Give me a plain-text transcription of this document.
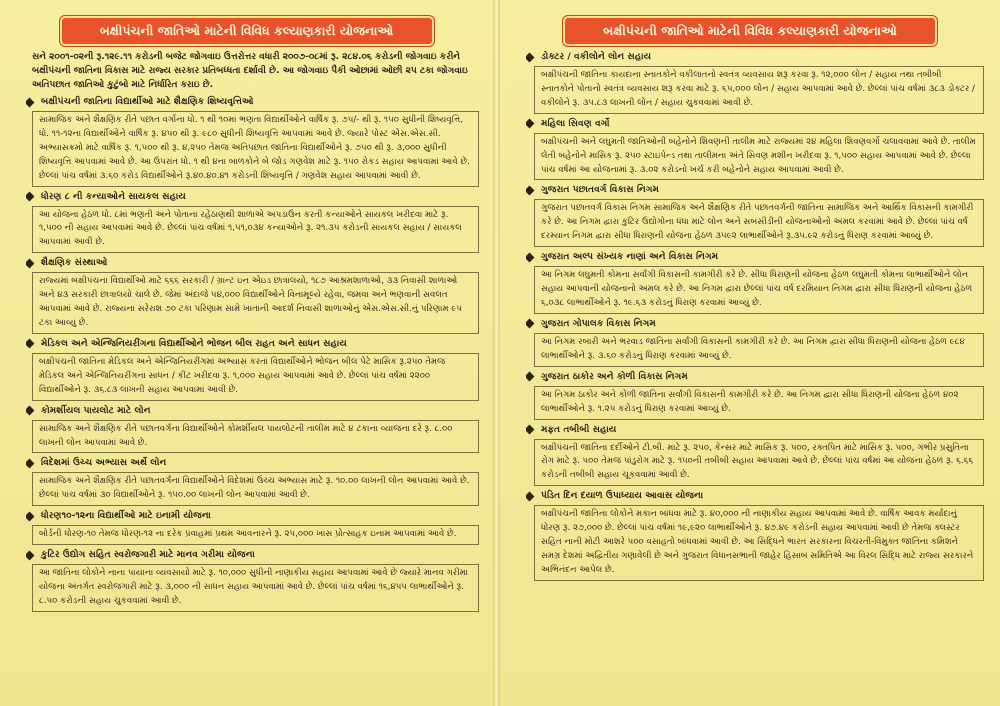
બક્ષીપંચની જાતિઓ માટેની વિવિધ કલ્યાણકારી યોજનાઓ
સને ૨૦૦૧-૦૨ની રૂ.૧૨૯.૧૧ કરોડની બજેટ જોગવાઇ ઉત્તરોત્તર વધારી ૨૦૦૭-૦૮માં રૂ. ૨૮૪.૦૬ કરોડની જોગવાઇ કરીને બક્ષીપંચની જાતિના વિકાસ માટે રાજ્ય સરકાર પ્રતિબધ્ધતા દર્શાવી છે. આ જોગવાઇ પૈકી ઓછામાં ઓછી ૨૫ ટકા જોગવાઇ અતિપછાત જાતિઓ કુટુંબો માટે નિર્ધારિત કરાઇ છે.
બક્ષીપંચની જાતિના વિદ્યાર્થીઓ માટે શૈક્ષણિક શિષ્યવૃત્તિઓ
સામાજિક અને શૈક્ષણિક રીતે પછાત વર્ગોના ધો. ૧ થી ૧૦માં ભણતા વિદ્યાર્થીઓને વાર્ષિક રૂ. ૭૫/- થી રૂ. ૧૫૦ સુધીની શિષ્યવૃત્તિ, ધો. ૧૧-૧૨ના વિદ્યાર્થીઓને વાર્ષિક રૂ. ૪૫૦ થી રૂ. ૯૮૦ સુધીની શિષ્યવૃત્તિ આપવામાં આવે છે. જ્યારે પોસ્ટ એસ.એસ.સી. અભ્યાસક્રમો માટે વાર્ષિક રૂ. ૧,૫૦૦ થી રૂ. ૪,૨૫૦ તેમજ અતિપછાત જાતિના વિદ્યાર્થીઓને રૂ. ૭૫૦ થી રૂ. ૩,૦૦૦ સુધીની શિષ્યવૃત્તિ આપવામાં આવે છે. આ ઉપરાંત ધો. ૧ થી ૪ના બાળકોને બે જોડ ગણવેશ માટે રૂ. ૧૫૦ રોકડ સહાય આપવામાં આવે છે. છેલ્લાં પાંચ વર્ષમાં ૩.૬૦ કરોડ વિદ્યાર્થીઓને રૂ.૪૦.૪૦.૪૧ કરોડની શિષ્યવૃત્તિ / ગણવેશ સહાય આપવામાં આવી છે.
ધોરણ ૮ ની કન્યાઓને સાયકલ સહાય
આ યોજના હેઠળ ધો. ૮માં ભણતી અને પોતાના રહેઠાણથી શાળાએ અપડાઉન કરતી કન્યાઓને સાયકલ ખરીદવા માટે રૂ. ૧,૫૦૦ ની સહાય આપવામાં આવે છે. છેલ્લાં પાંચ વર્ષમાં ૧,૫૧,૦૩૪ કન્યાઓને રૂ. ૨૧.૩૫ કરોડની સાયકલ સહાય / સાયકલ આપવામાં આવી છે.
શૈક્ષણિક સંસ્થાઓ
રાજ્યમાં બક્ષીપંચના વિદ્યાર્થીઓ માટે ૬૬૬ સરકારી / ગ્રાન્ટ ઇન એઇડ છાત્રાલયો, ૧૮૭ આશ્રમશાળાઓ, ૩૩ નિવાસી શાળાઓ અને ૪૩ સરકારી છાત્રાલયો ચાલે છે. જેમાં અંદાજે ૫૪,૦૦૦ વિદ્યાર્થીઓને વિનામૂલ્યે રહેવા, જમવા અને ભણવાની સવલત આપવામાં આવે છે. રાજ્યના સરેરાશ ૭૦ ટકા પરિણામ સામે ખાતાની આદર્શ નિવાસી શાળાઓનું એસ.એસ.સી.નું પરિણામ ૯૫ ટકા આવ્યું છે.
મેડિકલ અને એન્જિનિયરીંગના વિદ્યાર્થીઓને ભોજન બીલ રાહત અને સાધન સહાય
બક્ષીપંચની જાતિના મેડિકલ અને એન્જિનિયરીંગમાં અભ્યાસ કરતાં વિદ્યાર્થીઓને ભોજન બીલ પેટે માસિક રૂ.૨૫૦ તેમજ મેડિકલ અને એન્જિનિયરીંગના સાધન / કીટ ખરીદવા રૂ. ૧,૦૦૦ સહાય આપવામાં આવે છે. છેલ્લાં પાંચ વર્ષમાં ૨૨૦૦ વિદ્યાર્થીઓને રૂ. ૩૬.૮૩ લાખની સહાય આપવામાં આવી છે.
કોમર્શીયલ પાયલોટ માટે લોન
સામાજિક અને શૈક્ષણિક રીતે પછાતવર્ગના વિદ્યાર્થીઓને કોમર્શીયલ પાયલોટની તાલીમ માટે ૪ ટકાના વ્યાજના દરે રૂ. ૮.૦૦ લાખની લોન આપવામાં આવે છે.
વિદેશમાં ઉચ્ચ અભ્યાસ અર્થે લોન
સામાજિક અને શૈક્ષણિક રીતે પછાતવર્ગના વિદ્યાર્થીઓને વિદેશમાં ઉચ્ચ અભ્યાસ માટે રૂ. ૧૦.૦૦ લાખની લોન આપવામાં આવે છે. છેલ્લાં પાંચ વર્ષમાં ૩૦ વિદ્યાર્થીઓને રૂ. ૧૫૦.૦૦ લાખની લોન આપવામાં આવી છે.
ધોરણ૧૦-૧૨ના વિદ્યાર્થીઓ માટે ઇનામી યોજના
બોર્ડની ધોરણ-૧૦ તેમજ ધોરણ-૧૨ ના દરેક પ્રવાહમાં પ્રથમ આવનારને રૂ. ૨૫,૦૦૦ ખાસ પ્રોત્સાહક ઇનામ આપવામાં આવે છે.
કુટિર ઉદ્યોગ સહિત સ્વરોજગારી માટે માનવ ગરીમા યોજના
આ જાતિના લોકોને નાના પાયાના વ્યવસાયો માટે રૂ. ૧૦,૦૦૦ સુધીની નાણાકીય સહાય આપવામાં આવે છે જ્યારે માનવ ગરીમા યોજના અંતર્ગત સ્વરોજગારી માટે રૂ. ૩,૦૦૦ ની સાધન સહાય આપવામાં આવે છે. છેલ્લાં પાંચ વર્ષમાં ૧૬,૪૫૫ લાભાર્થીઓને રૂ. ૮.૫૦ કરોડની સહાય ચુકવવામાં આવી છે.
બક્ષીપંચની જાતિઓ માટેની વિવિધ કલ્યાણકારી યોજનાઓ
ડોક્ટર / વકીલોને લોન સહાય
બક્ષીપંચની જાતિના કાયદાના સ્નાતકોને વકીલાતનો સ્વતંત્ર વ્યવસાય શરૂ કરવા રૂ. ૧૨,૦૦૦ લોન / સહાય તથા તબીબી સ્નાતકોને પોતાનો સ્વતંત્ર વ્યવસાય શરૂ કરવા માટે રૂ. ૬૫,૦૦૦ લોન / સહાય આપવામાં આવે છે. છેલ્લાં પાંચ વર્ષમાં ૩૮૩ ડોક્ટર / વકીલોને રૂ. ૩૫.૮૩ લાખની લોન / સહાય ચુકવવામાં આવી છે.
મહિલા સિવણ વર્ગો
બક્ષીપંચની અને લઘુમતી જાતિઓની બહેનોને શિવણની તાલીમ માટે રાજ્યમાં ૨૪ મહિલા શિવણવર્ગો ચલાવવામાં આવે છે. તાલીમ લેતી બહેનોને માસિક રૂ. ૨૫૦ સ્ટાઇપેન્ડ તથા તાલીમના અંતે સિવણ મશીન ખરીદવા રૂ. ૧,૫૦૦ સહાય આપવામાં આવે છે. છેલ્લા પાંચ વર્ષમાં આ યોજનામાં રૂ. ૩.૦૨ કરોડનો ખર્ચ કરી બહેનોને સહાય આપવામાં આવી છે.
ગુજરાત પછાતવર્ગ વિકાસ નિગમ
ગુજરાત પછાતવર્ગ વિકાસ નિગમ સામાજિક અને શૈક્ષણિક રીતે પછાતવર્ગની જાતિના સામાજિક અને આર્થિક વિકાસની કામગીરી કરે છે. આ નિગમ દ્વારા કુટિર ઉદ્યોગોના ધંધા માટે લોન અને સબસીડીની યોજનાઓનો અમલ કરવામાં આવે છે. છેલ્લાં પાંચ વર્ષ દરમ્યાન નિગમ દ્વારા સીધા ધિરાણની યોજના હેઠળ ૩૫૯૨ લાભાર્થીઓને રૂ.૩૫.૯૨ કરોડનું ધિરાણ કરવામાં આવ્યું છે.
ગુજરાત અલ્પ સંખ્યક નાણાં અને વિકાસ નિગમ
આ નિગમ લઘુમતી કોમના સર્વાંગી વિકાસની કામગીરી કરે છે. સીધા ધિરાણની યોજના હેઠળ લઘુમતી કોમના લાભાર્થીઓને લોન સહાય આપવાની યોજનાનો અમલ કરે છે. આ નિગમ દ્વારા છેલ્લાં પાંચ વર્ષ દરમિયાન નિગમ દ્વારા સીધા ધિરાણની યોજના હેઠળ ૬,૦૩૮ લાભાર્થીઓને રૂ. ૧૯.૬૩ કરોડનું ધિરાણ કરવામાં આવ્યું છે.
ગુજરાત ગોપાલક વિકાસ નિગમ
આ નિગમ રબારી અને ભરવાડ જાતિના સર્વાંગી વિકાસની કામગીરી કરે છે. આ નિગમ દ્વારા સીધા ધિરાણની યોજના હેઠળ ૯૮૪ લાભાર્થીઓને રૂ. ૩.૬૦ કરોડનું ધિરાણ કરવામાં આવ્યું છે.
ગુજરાત ઠાકોર અને કોળી વિકાસ નિગમ
આ નિગમ ઠાકોર અને કોળી જાતિના સર્વાંગી વિકાસની કામગીરી કરે છે. આ નિગમ દ્વારા સીધા ધિરાણની યોજના હેઠળ ૪૦૨ લાભાર્થીઓને રૂ. ૧.૨૫ કરોડનું ધિરાણ કરવામાં આવ્યું છે.
મફત તબીબી સહાય
બક્ષીપંચની જાતિના દર્દીઓને ટી.બી. માટે રૂ. ૨૫૦, કેન્સર માટે માસિક રૂ. ૫૦૦, રક્તપિત માટે માસિક રૂ. ૫૦૦, ગંભીર પ્રસુતિના રોગ માટે રૂ. ૫૦૦ તેમજ પાંડુરોગ માટે રૂ. ૧૫૦ની તબીબી સહાય આપવામાં આવે છે. છેલ્લાં પાંચ વર્ષમાં આ યોજના હેઠળ રૂ. ૬.૬૬ કરોડની તબીબી સહાય ચૂકવવામાં આવી છે.
પંડિત દિન દયાળ ઉપાધ્યાય આવાસ યોજના
બક્ષીપંચની જાતિના લોકોને મકાન બાંધવા માટે રૂ. ૪૦,૦૦૦ ની નાણાકીય સહાય આપવામાં આવે છે. વાર્ષિક આવક મર્યાદાનું ધોરણ રૂ. ૨૭,૦૦૦ છે. છેલ્લાં પાંચ વર્ષમાં ૧૯,૯૨૦ લાભાર્થીઓને રૂ. ૪૭.૪૯ કરોડની સહાય આપવામાં આવી છે તેમજ ક્લસ્ટર સહિત નાની મોટી આશરે ૫૦૦ વસાહતો બાંધવામાં આવી છે. આ સિદ્ધિને ભારત સરકારના વિચરતી-વિમુક્ત જાતિના કમિશને સમગ્ર દેશમાં અદ્વિતીય ગણાવેલી છે અને ગુજરાત વિધાનસભાની જાહેર હિસાબ સમિતિએ આ વિરલ સિદ્ધિ માટે રાજ્ય સરકારને અભિનંદન આપેલ છે.
